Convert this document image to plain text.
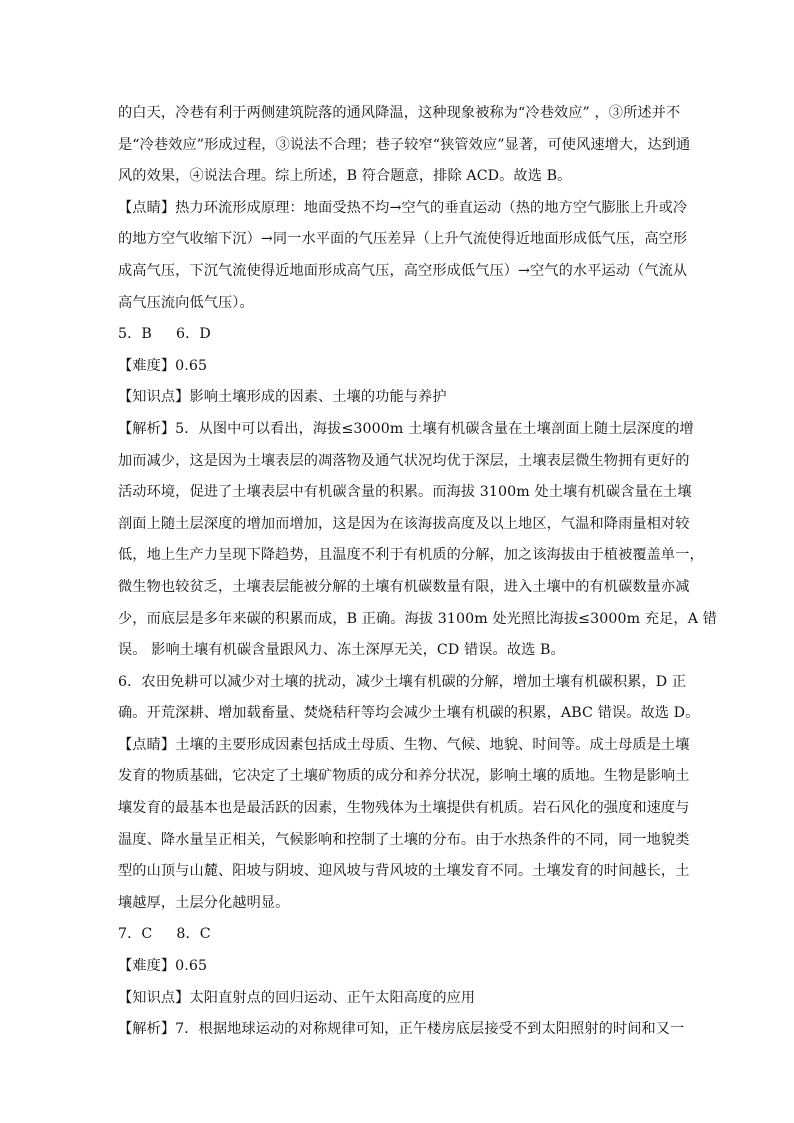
的白天，冷巷有利于两侧建筑院落的通风降温，这种现象被称为“冷巷效应” ，③所述并不
是“冷巷效应”形成过程，③说法不合理；巷子较窄“狭管效应”显著，可使风速增大，达到通
风的效果，④说法合理。综上所述，B 符合题意，排除 ACD。故选 B。
【点睛】热力环流形成原理：地面受热不均→空气的垂直运动（热的地方空气膨胀上升或冷
的地方空气收缩下沉）→同一水平面的气压差异（上升气流使得近地面形成低气压，高空形
成高气压，下沉气流使得近地面形成高气压，高空形成低气压）→空气的水平运动（气流从
高气压流向低气压）。
5．B 6．D
【难度】0.65
【知识点】影响土壤形成的因素、土壤的功能与养护
【解析】5．从图中可以看出，海拔≤3000m 土壤有机碳含量在土壤剖面上随土层深度的增
加而减少，这是因为土壤表层的凋落物及通气状况均优于深层，土壤表层微生物拥有更好的
活动环境，促进了土壤表层中有机碳含量的积累。而海拔 3100m 处土壤有机碳含量在土壤
剖面上随土层深度的增加而增加，这是因为在该海拔高度及以上地区，气温和降雨量相对较
低，地上生产力呈现下降趋势，且温度不利于有机质的分解，加之该海拔由于植被覆盖单一，
微生物也较贫乏，土壤表层能被分解的土壤有机碳数量有限，进入土壤中的有机碳数量亦减
少，而底层是多年来碳的积累而成，B 正确。海拔 3100m 处光照比海拔≤3000m 充足，A 错
误。 影响土壤有机碳含量跟风力、冻土深厚无关，CD 错误。故选 B。
6．农田免耕可以减少对土壤的扰动，减少土壤有机碳的分解，增加土壤有机碳积累，D 正
确。开荒深耕、增加载畜量、焚烧秸秆等均会减少土壤有机碳的积累，ABC 错误。故选 D。
【点睛】土壤的主要形成因素包括成土母质、生物、气候、地貌、时间等。成土母质是土壤
发育的物质基础，它决定了土壤矿物质的成分和养分状况，影响土壤的质地。生物是影响土
壤发育的最基本也是最活跃的因素，生物残体为土壤提供有机质。岩石风化的强度和速度与
温度、降水量呈正相关，气候影响和控制了土壤的分布。由于水热条件的不同，同一地貌类
型的山顶与山麓、阳坡与阴坡、迎风坡与背风坡的土壤发育不同。土壤发育的时间越长，土
壤越厚，土层分化越明显。
7．C 8．C
【难度】0.65
【知识点】太阳直射点的回归运动、正午太阳高度的应用
【解析】7．根据地球运动的对称规律可知，正午楼房底层接受不到太阳照射的时间和又一
